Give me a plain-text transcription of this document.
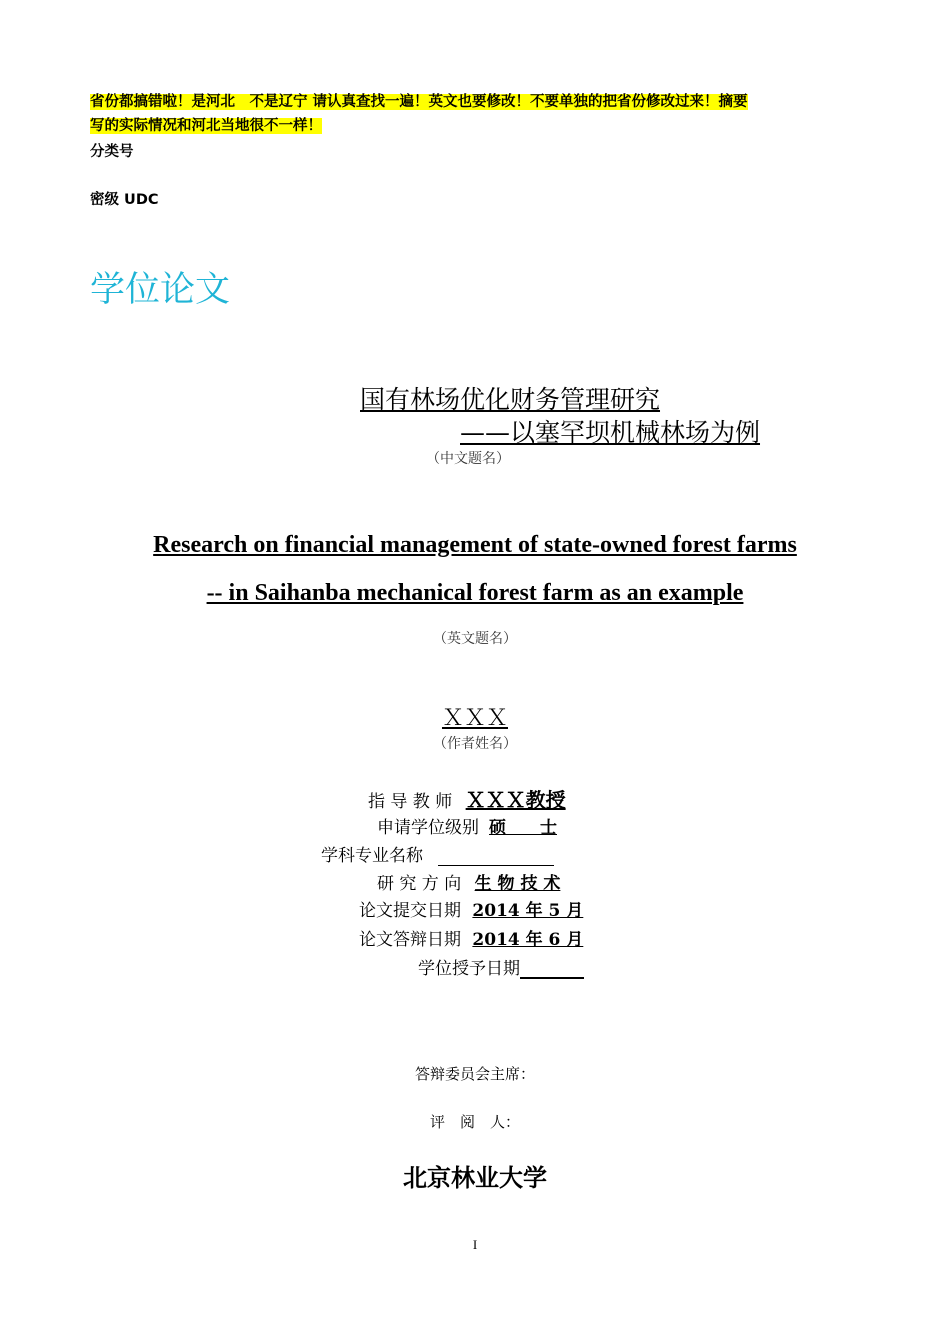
省份都搞错啦！是河北　不是辽宁 请认真查找一遍！英文也要修改！不要单独的把省份修改过来！摘要
写的实际情况和河北当地很不一样！
分类号
密级 UDC
学位论文
国有林场优化财务管理研究
——以塞罕坝机械林场为例
（中文题名）
Research on financial management of state-owned forest farms
-- in Saihanba mechanical forest farm as an example
（英文题名）
ＸＸＸ
（作者姓名）
指 导 教 师 ＸＸＸ教授
申请学位级别 硕　　士
学科专业名称
研 究 方 向 生 物 技 术
论文提交日期 2014 年 5 月
论文答辩日期 2014 年 6 月
学位授予日期
答辩委员会主席：
评　阅　人：
北京林业大学
I
